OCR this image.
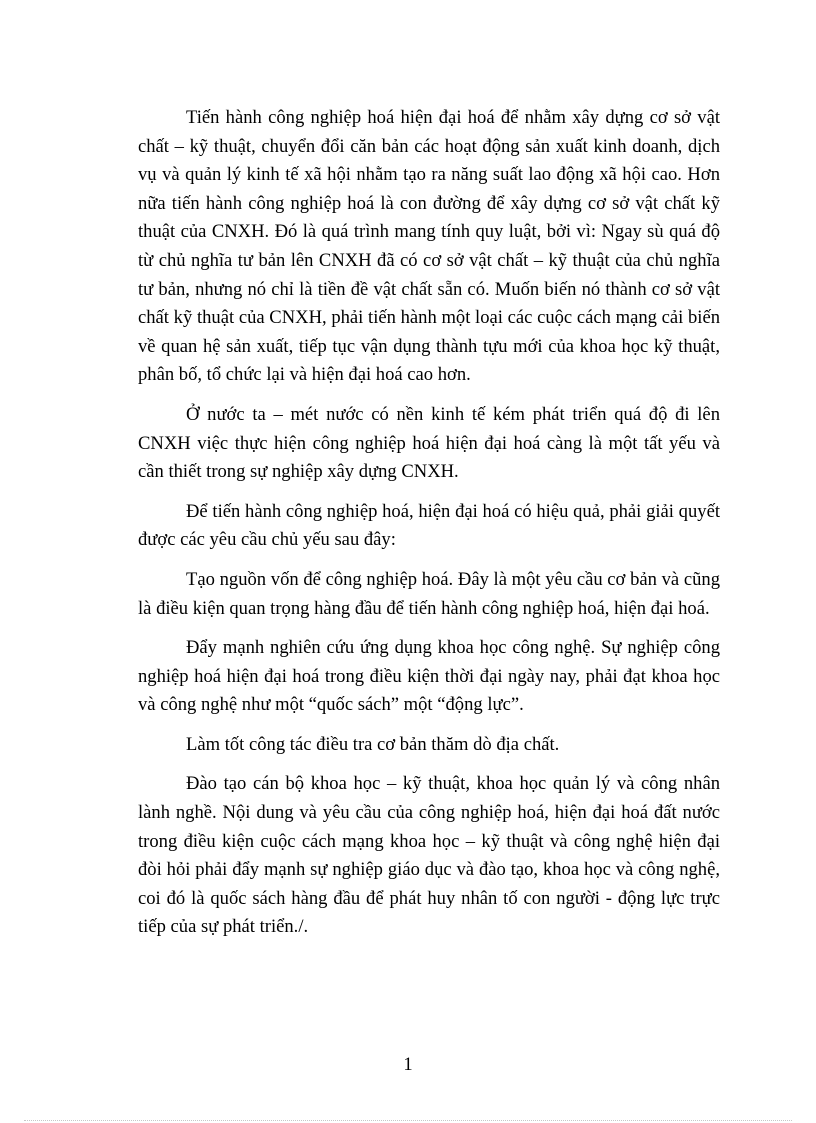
Tiến hành công nghiệp hoá hiện đại hoá để nhằm xây dựng cơ sở vật chất – kỹ thuật, chuyển đổi căn bản các hoạt động sản xuất kinh doanh, dịch vụ và quản lý kinh tế xã hội nhằm tạo ra năng suất lao động xã hội cao. Hơn nữa tiến hành công nghiệp hoá là con đường để xây dựng cơ sở vật chất kỹ thuật của CNXH. Đó là quá trình mang tính quy luật, bởi vì: Ngay sù quá độ từ chủ nghĩa tư bản lên CNXH đã có cơ sở vật chất – kỹ thuật của chủ nghĩa tư bản, nhưng nó chỉ là tiền đề vật chất sẵn có. Muốn biến nó thành cơ sở vật chất kỹ thuật của CNXH, phải tiến hành một loại các cuộc cách mạng cải biến về quan hệ sản xuất, tiếp tục vận dụng thành tựu mới của khoa học kỹ thuật, phân bố, tổ chức lại và hiện đại hoá cao hơn.

Ở nước ta – mét nước có nền kinh tế kém phát triển quá độ đi lên CNXH việc thực hiện công nghiệp hoá hiện đại hoá càng là một tất yếu và cần thiết trong sự nghiệp xây dựng CNXH.

Để tiến hành công nghiệp hoá, hiện đại hoá có hiệu quả, phải giải quyết được các yêu cầu chủ yếu sau đây:

Tạo nguồn vốn để công nghiệp hoá. Đây là một yêu cầu cơ bản và cũng là điều kiện quan trọng hàng đầu để tiến hành công nghiệp hoá, hiện đại hoá.

Đẩy mạnh nghiên cứu ứng dụng khoa học công nghệ. Sự nghiệp công nghiệp hoá hiện đại hoá trong điều kiện thời đại ngày nay, phải đạt khoa học và công nghệ như một “quốc sách” một “động lực”.

Làm tốt công tác điều tra cơ bản thăm dò địa chất.

Đào tạo cán bộ khoa học – kỹ thuật, khoa học quản lý và công nhân lành nghề. Nội dung và yêu cầu của công nghiệp hoá, hiện đại hoá đất nước trong điều kiện cuộc cách mạng khoa học – kỹ thuật và công nghệ hiện đại đòi hỏi phải đẩy mạnh sự nghiệp giáo dục và đào tạo, khoa học và công nghệ, coi đó là quốc sách hàng đầu để phát huy nhân tố con người - động lực trực tiếp của sự phát triển./.

1
